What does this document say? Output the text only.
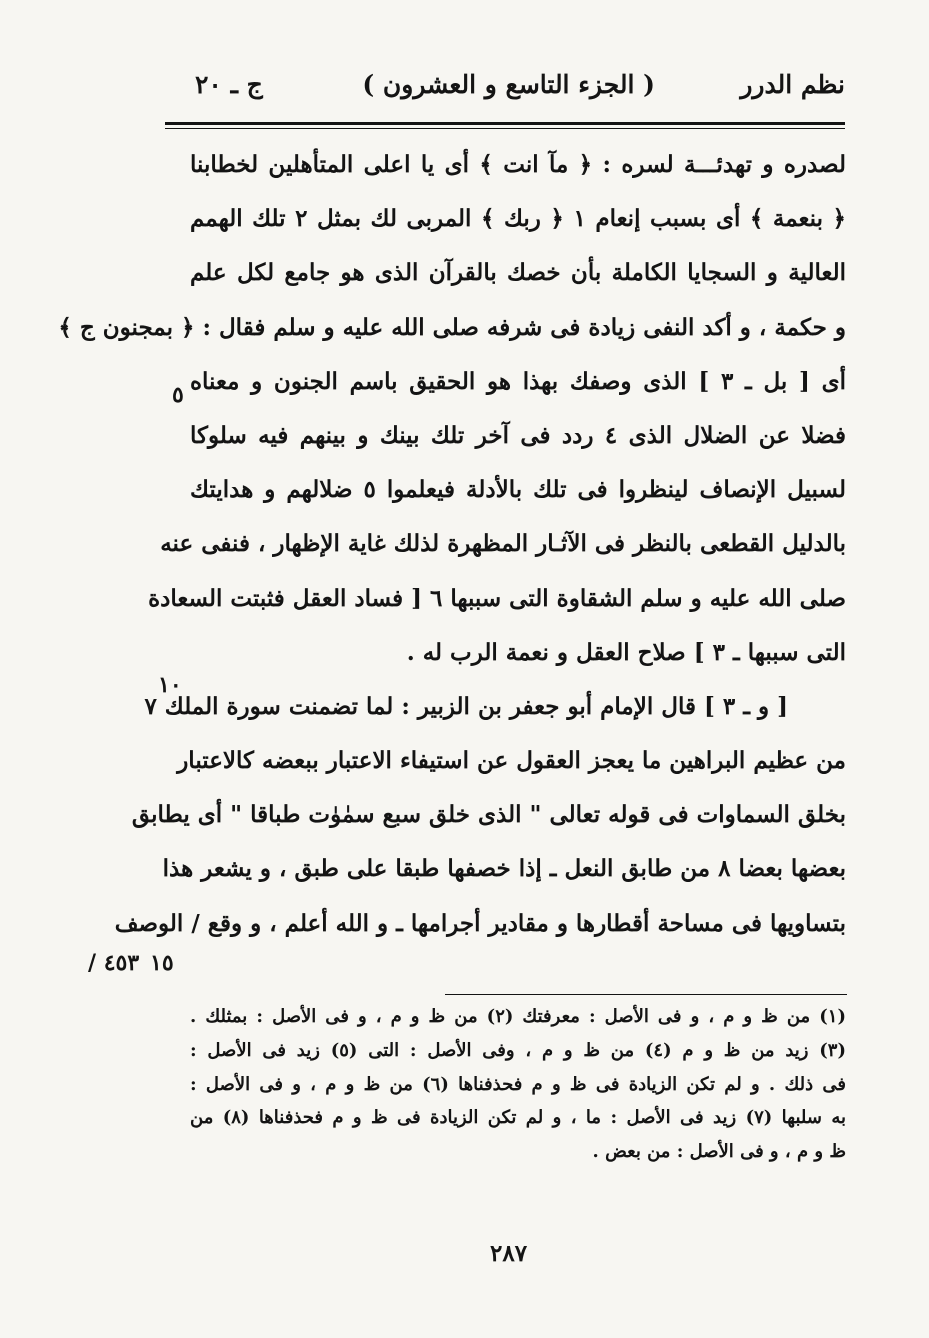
نظم الدرر
( الجزء التاسع و العشرون )
ج ـ ٢٠
لصدره و تهدئـــة لسره : ﴿ مآ انت ﴾ أى يا اعلى المتأهلين لخطابنا
﴿ بنعمة ﴾ أى بسبب إنعام ١ ﴿ ربك ﴾ المربى لك بمثل ٢ تلك الهمم
العالية و السجايا الكاملة بأن خصك بالقرآن الذى هو جامع لكل علم
و حكمة ، و أكد النفى زيادة فى شرفه صلى الله عليه و سلم فقال : ﴿ بمجنون ج ﴾
أى [ بل ـ ٣ ] الذى وصفك بهذا هو الحقيق باسم الجنون و معناه
فضلا عن الضلال الذى ٤ ردد فى آخر تلك بينك و بينهم فيه سلوكا
لسبيل الإنصاف لينظروا فى تلك بالأدلة فيعلموا ٥ ضلالهم و هدايتك
بالدليل القطعى بالنظر فى الآثـار المظهرة لذلك غاية الإظهار ، فنفى عنه
صلى الله عليه و سلم الشقاوة التى سببها ٦ [ فساد العقل فثبتت السعادة
التى سببها ـ ٣ ] صلاح العقل و نعمة الرب له .
[ و ـ ٣ ] قال الإمام أبو جعفر بن الزبير : لما تضمنت سورة الملك ٧
من عظيم البراهين ما يعجز العقول عن استيفاء الاعتبار ببعضه كالاعتبار
بخلق السماوات فى قوله تعالى " الذى خلق سبع سمٰوٰت طباقا " أى يطابق
بعضها بعضا ٨ من طابق النعل ـ إذا خصفها طبقا على طبق ، و يشعر هذا
بتساويها فى مساحة أقطارها و مقادير أجرامها ـ و الله أعلم ، و وقع / الوصف
٥
١٠
١٥
٤٥٣ /
(١) من ظ و م ، و فى الأصل : معرفتك (٢) من ظ و م ، و فى الأصل : بمثلك .
(٣) زيد من ظ و م (٤) من ظ و م ، وفى الأصل : التى (٥) زيد فى الأصل :
فى ذلك . و لم تكن الزيادة فى ظ و م فحذفناها (٦) من ظ و م ، و فى الأصل :
به سلبها (٧) زيد فى الأصل : ما ، و لم تكن الزيادة فى ظ و م فحذفناها (٨) من
ظ و م ، و فى الأصل : من بعض .
٢٨٧
